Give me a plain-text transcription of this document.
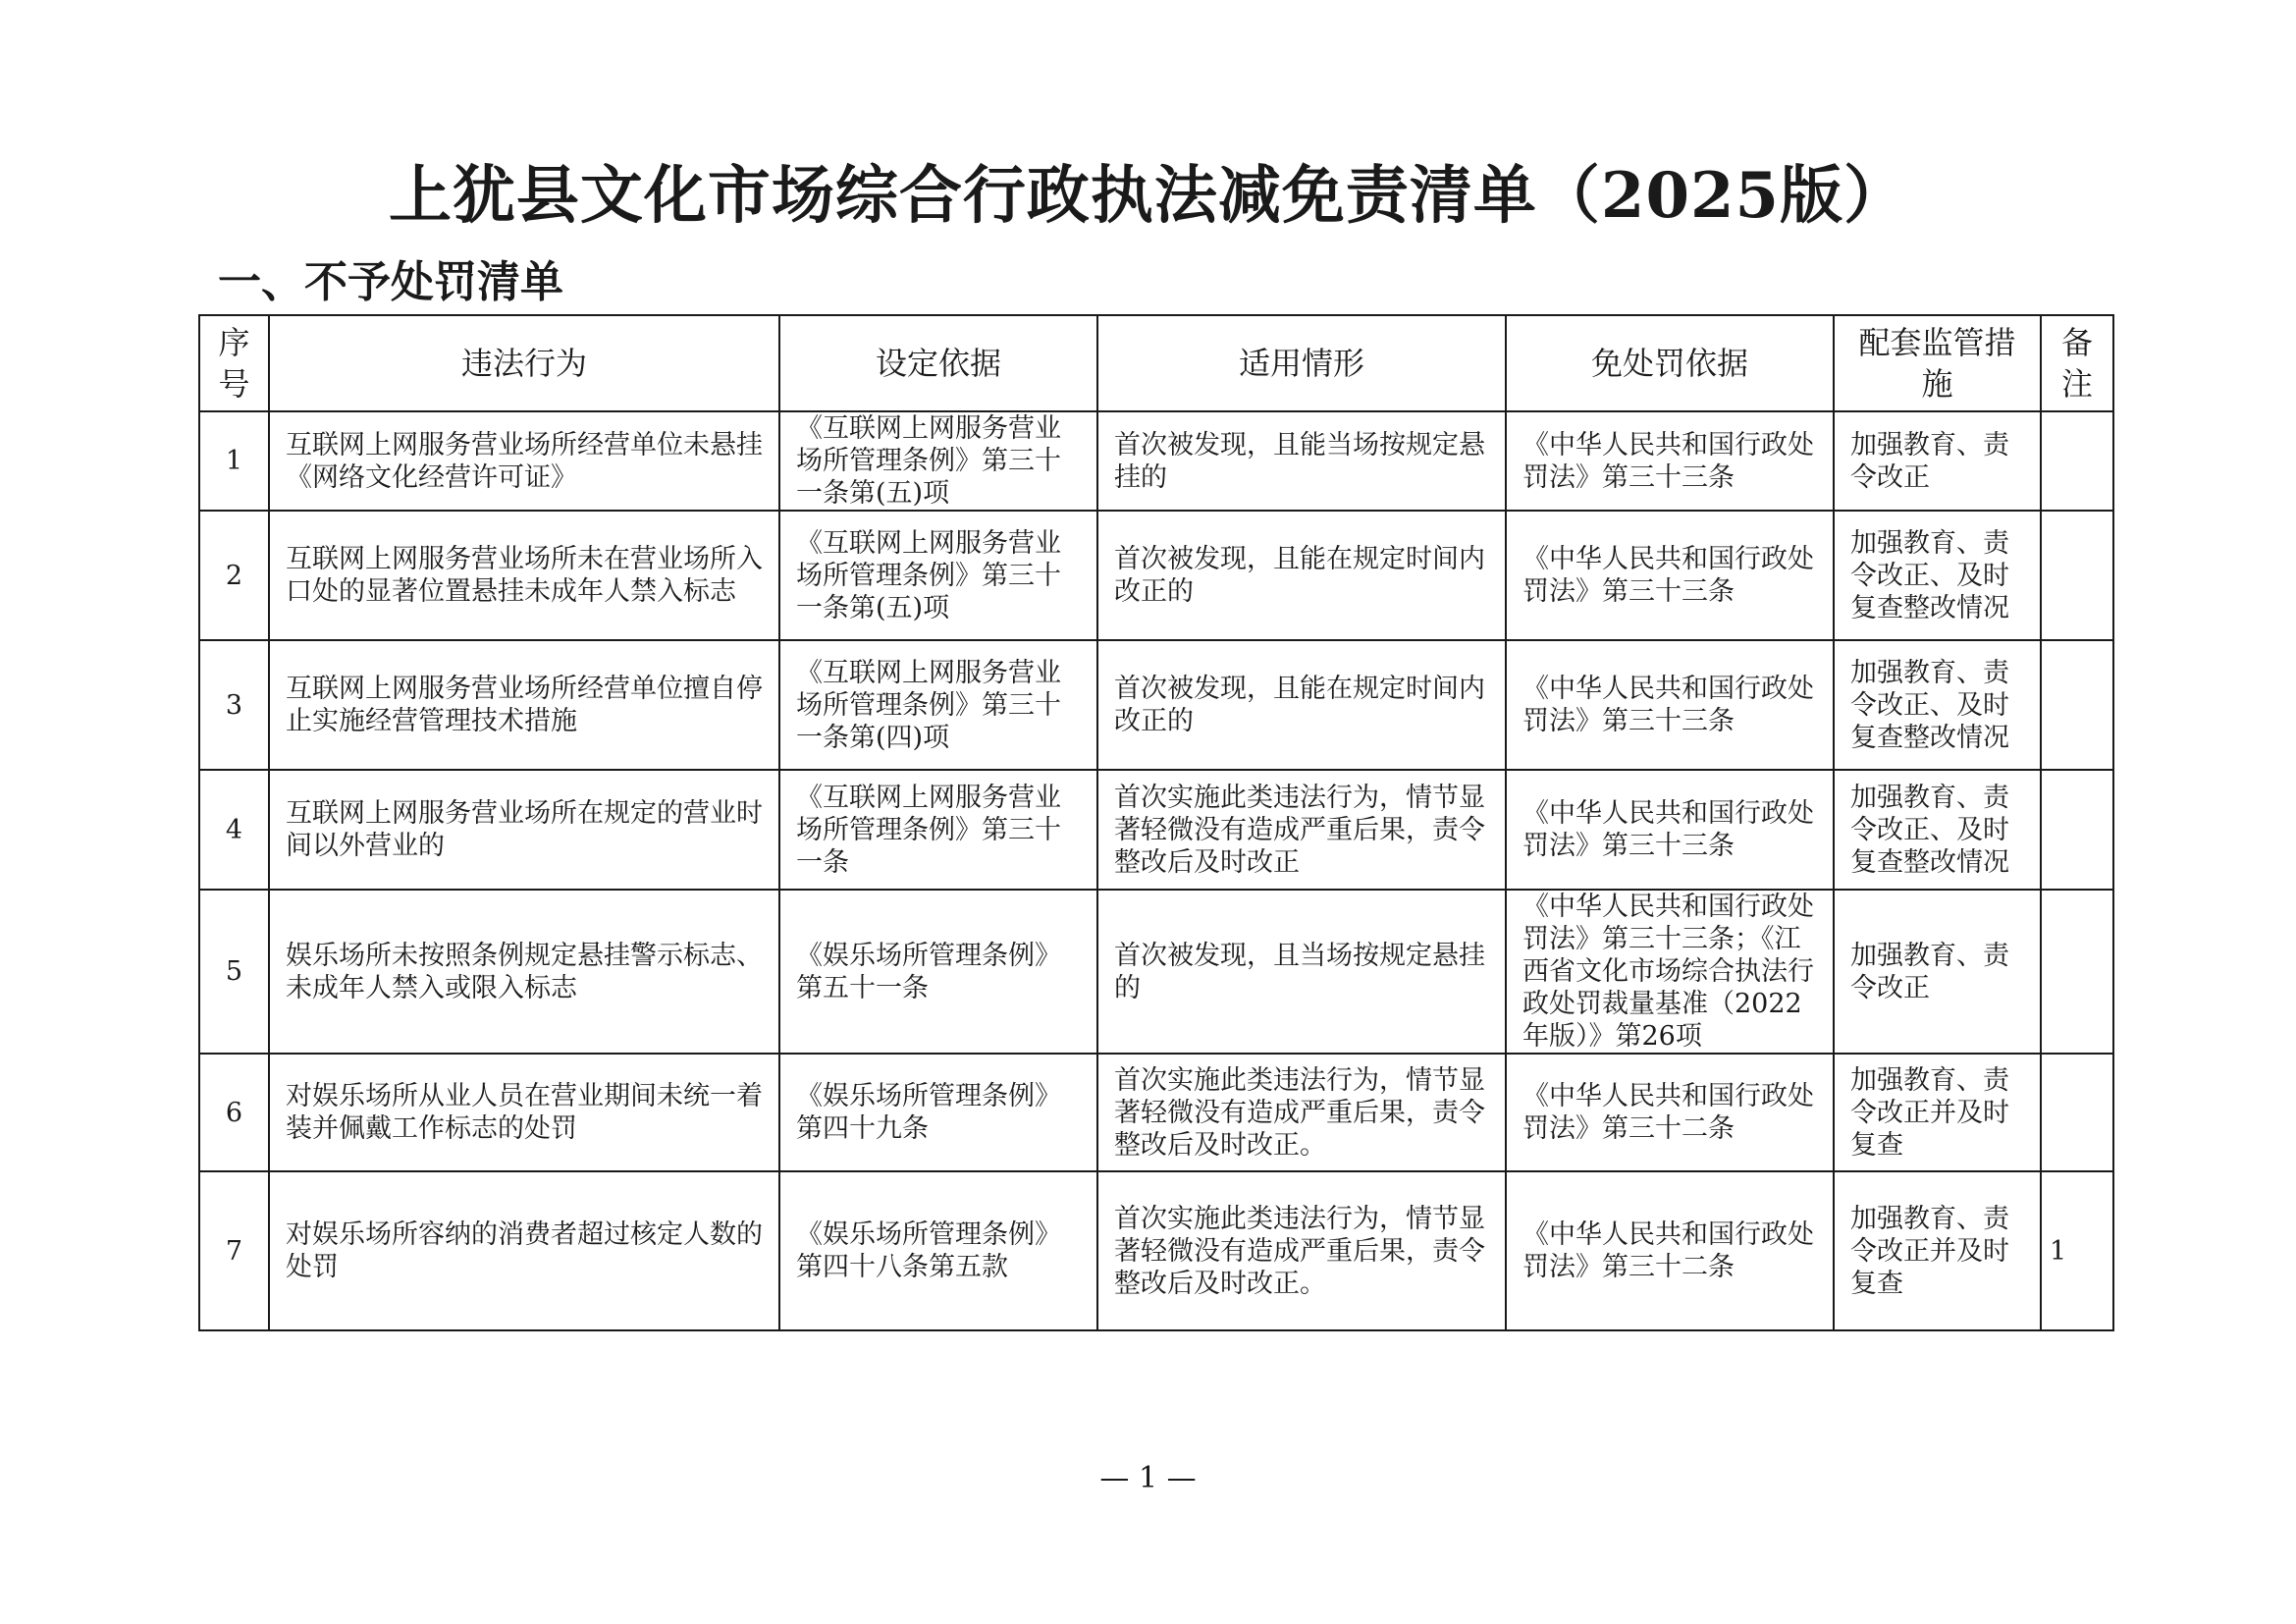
上犹县文化市场综合行政执法减免责清单（2025版）
一、不予处罚清单
序号	违法行为	设定依据	适用情形	免处罚依据	配套监管措施	备注
1	互联网上网服务营业场所经营单位未悬挂《网络文化经营许可证》	《互联网上网服务营业场所管理条例》第三十一条第(五)项	首次被发现，且能当场按规定悬挂的	《中华人民共和国行政处罚法》第三十三条	加强教育、责令改正	
2	互联网上网服务营业场所未在营业场所入口处的显著位置悬挂未成年人禁入标志	《互联网上网服务营业场所管理条例》第三十一条第(五)项	首次被发现，且能在规定时间内改正的	《中华人民共和国行政处罚法》第三十三条	加强教育、责令改正、及时复查整改情况	
3	互联网上网服务营业场所经营单位擅自停止实施经营管理技术措施	《互联网上网服务营业场所管理条例》第三十一条第(四)项	首次被发现，且能在规定时间内改正的	《中华人民共和国行政处罚法》第三十三条	加强教育、责令改正、及时复查整改情况	
4	互联网上网服务营业场所在规定的营业时间以外营业的	《互联网上网服务营业场所管理条例》第三十一条	首次实施此类违法行为，情节显著轻微没有造成严重后果，责令整改后及时改正	《中华人民共和国行政处罚法》第三十三条	加强教育、责令改正、及时复查整改情况	
5	娱乐场所未按照条例规定悬挂警示标志、未成年人禁入或限入标志	《娱乐场所管理条例》第五十一条	首次被发现，且当场按规定悬挂的	《中华人民共和国行政处罚法》第三十三条；《江西省文化市场综合执法行政处罚裁量基准（2022年版）》第26项	加强教育、责令改正	
6	对娱乐场所从业人员在营业期间未统一着装并佩戴工作标志的处罚	《娱乐场所管理条例》第四十九条	首次实施此类违法行为，情节显著轻微没有造成严重后果，责令整改后及时改正。	《中华人民共和国行政处罚法》第三十二条	加强教育、责令改正并及时复查	
7	对娱乐场所容纳的消费者超过核定人数的处罚	《娱乐场所管理条例》第四十八条第五款	首次实施此类违法行为，情节显著轻微没有造成严重后果，责令整改后及时改正。	《中华人民共和国行政处罚法》第三十二条	加强教育、责令改正并及时复查	1
— 1 —
